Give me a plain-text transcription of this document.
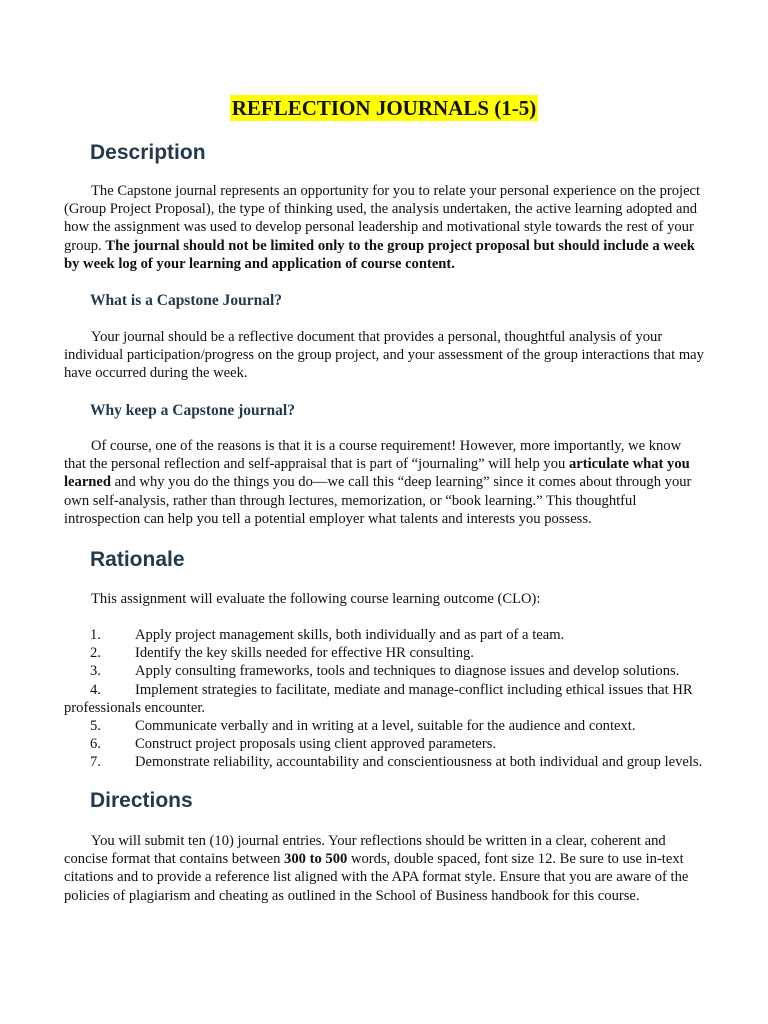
REFLECTION JOURNALS (1-5)
Description

The Capstone journal represents an opportunity for you to relate your personal experience on the project (Group Project Proposal), the type of thinking used, the analysis undertaken, the active learning adopted and how the assignment was used to develop personal leadership and motivational style towards the rest of your group. The journal should not be limited only to the group project proposal but should include a week by week log of your learning and application of course content.

What is a Capstone Journal?

Your journal should be a reflective document that provides a personal, thoughtful analysis of your individual participation/progress on the group project, and your assessment of the group interactions that may have occurred during the week.

Why keep a Capstone journal?

Of course, one of the reasons is that it is a course requirement! However, more importantly, we know that the personal reflection and self-appraisal that is part of “journaling” will help you articulate what you learned and why you do the things you do—we call this “deep learning” since it comes about through your own self-analysis, rather than through lectures, memorization, or “book learning.” This thoughtful introspection can help you tell a potential employer what talents and interests you possess.

Rationale

This assignment will evaluate the following course learning outcome (CLO):

1. Apply project management skills, both individually and as part of a team.
2. Identify the key skills needed for effective HR consulting.
3. Apply consulting frameworks, tools and techniques to diagnose issues and develop solutions.
4. Implement strategies to facilitate, mediate and manage-conflict including ethical issues that HR professionals encounter.
5. Communicate verbally and in writing at a level, suitable for the audience and context.
6. Construct project proposals using client approved parameters.
7. Demonstrate reliability, accountability and conscientiousness at both individual and group levels.
Directions

You will submit ten (10) journal entries. Your reflections should be written in a clear, coherent and concise format that contains between 300 to 500 words, double spaced, font size 12. Be sure to use in-text citations and to provide a reference list aligned with the APA format style. Ensure that you are aware of the policies of plagiarism and cheating as outlined in the School of Business handbook for this course.
